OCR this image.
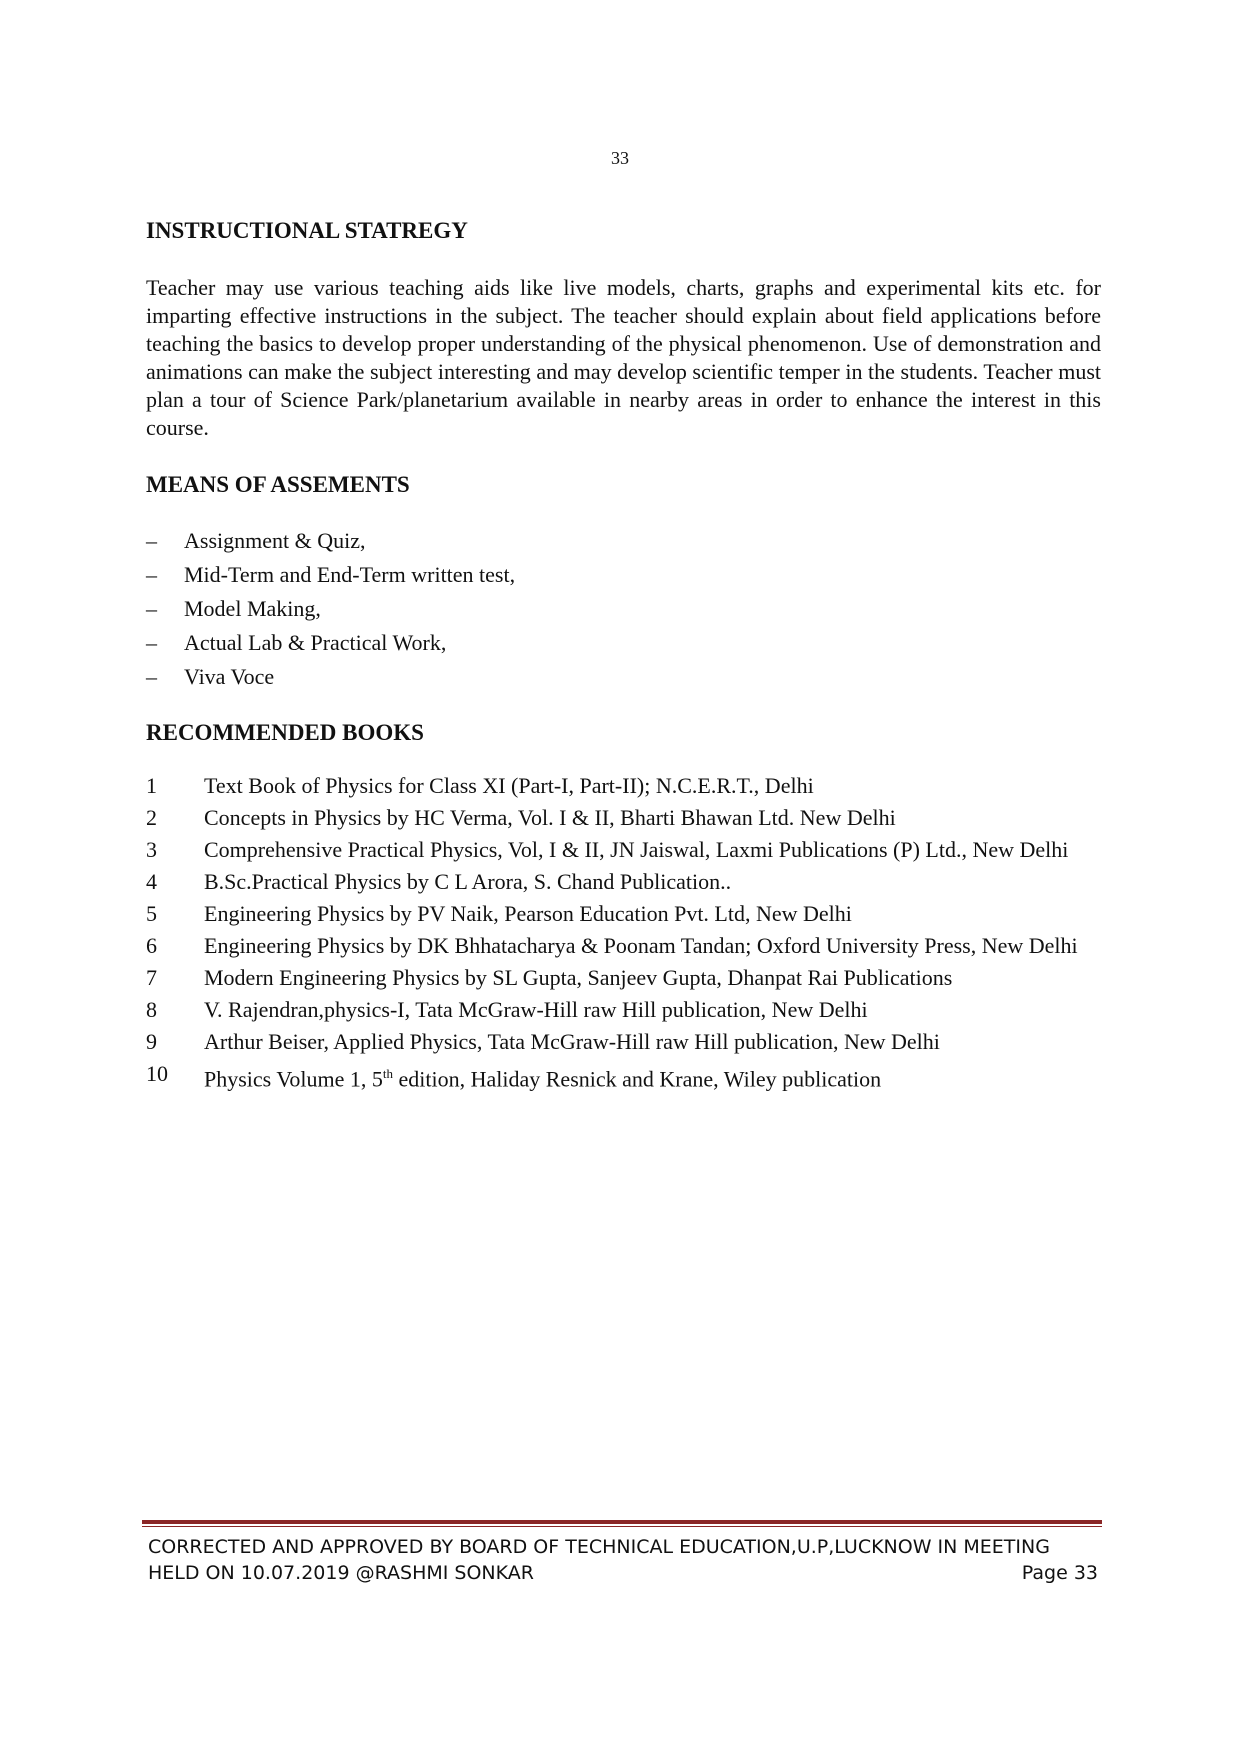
33
INSTRUCTIONAL STATREGY

Teacher may use various teaching aids like live models, charts, graphs and experimental kits etc. for imparting effective instructions in the subject. The teacher should explain about field applications before teaching the basics to develop proper understanding of the physical phenomenon. Use of demonstration and animations can make the subject interesting and may develop scientific temper in the students. Teacher must plan a tour of Science Park/planetarium available in nearby areas in order to enhance the interest in this course.

MEANS OF ASSEMENTS
–	Assignment & Quiz,
–	Mid-Term and End-Term written test,
–	Model Making,
–	Actual Lab & Practical Work,
–	Viva Voce
RECOMMENDED BOOKS
1	Text Book of Physics for Class XI (Part-I, Part-II); N.C.E.R.T., Delhi
2	Concepts in Physics by HC Verma, Vol. I & II, Bharti Bhawan Ltd. New Delhi
3	Comprehensive Practical Physics, Vol, I & II, JN Jaiswal, Laxmi Publications (P) Ltd., New Delhi
4	B.Sc.Practical Physics by C L Arora, S. Chand Publication..
5	Engineering Physics by PV Naik, Pearson Education Pvt. Ltd, New Delhi
6	Engineering Physics by DK Bhhatacharya & Poonam Tandan; Oxford University Press, New Delhi
7	Modern Engineering Physics by SL Gupta, Sanjeev Gupta, Dhanpat Rai Publications
8	V. Rajendran,physics-I, Tata McGraw-Hill raw Hill publication, New Delhi
9	Arthur Beiser, Applied Physics, Tata McGraw-Hill raw Hill publication, New Delhi
10	Physics Volume 1, 5th edition, Haliday Resnick and Krane, Wiley publication
CORRECTED AND APPROVED BY BOARD OF TECHNICAL EDUCATION,U.P,LUCKNOW IN MEETING
HELD ON 10.07.2019 @RASHMI SONKAR	Page 33
